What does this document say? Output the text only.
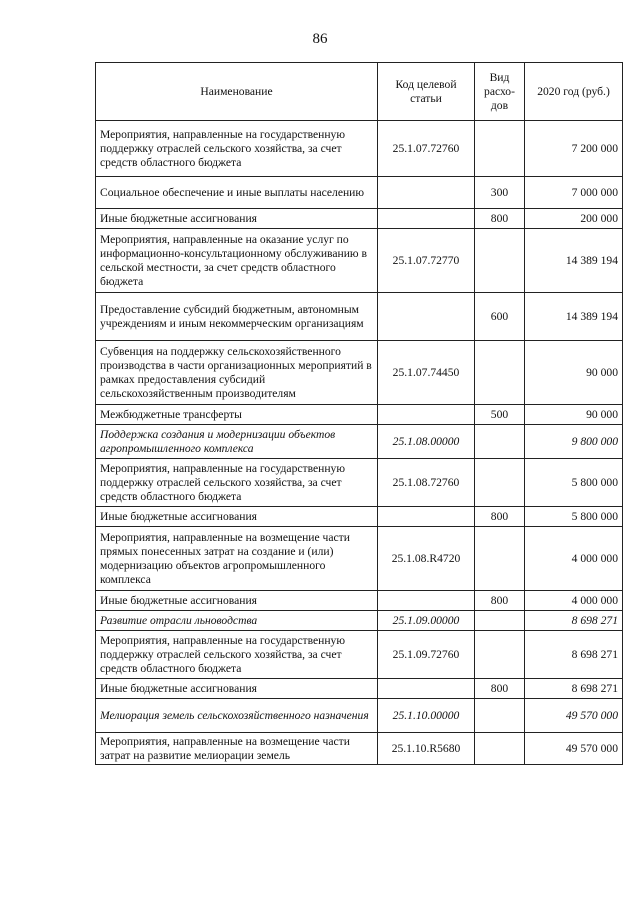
86
Наименование	Код целевой статьи	Вид расхо-дов	2020 год (руб.)
Мероприятия, направленные на государственную поддержку отраслей сельского хозяйства, за счет средств областного бюджета	25.1.07.72760		7 200 000
Социальное обеспечение и иные выплаты населению		300	7 000 000
Иные бюджетные ассигнования		800	200 000
Мероприятия, направленные на оказание услуг по информационно-консультационному обслуживанию в сельской местности, за счет средств областного бюджета	25.1.07.72770		14 389 194
Предоставление субсидий бюджетным, автономным учреждениям и иным некоммерческим организациям		600	14 389 194
Субвенция на поддержку сельскохозяйственного производства в части организационных мероприятий в рамках предоставления субсидий сельскохозяйственным производителям	25.1.07.74450		90 000
Межбюджетные трансферты		500	90 000
Поддержка создания и модернизации объектов агропромышленного комплекса	25.1.08.00000		9 800 000
Мероприятия, направленные на государственную поддержку отраслей сельского хозяйства, за счет средств областного бюджета	25.1.08.72760		5 800 000
Иные бюджетные ассигнования		800	5 800 000
Мероприятия, направленные на возмещение части прямых понесенных затрат на создание и (или) модернизацию объектов агропромышленного комплекса	25.1.08.R4720		4 000 000
Иные бюджетные ассигнования		800	4 000 000
Развитие отрасли льноводства	25.1.09.00000		8 698 271
Мероприятия, направленные на государственную поддержку отраслей сельского хозяйства, за счет средств областного бюджета	25.1.09.72760		8 698 271
Иные бюджетные ассигнования		800	8 698 271
Мелиорация земель сельскохозяйственного назначения	25.1.10.00000		49 570 000
Мероприятия, направленные на возмещение части затрат на развитие мелиорации земель	25.1.10.R5680		49 570 000
